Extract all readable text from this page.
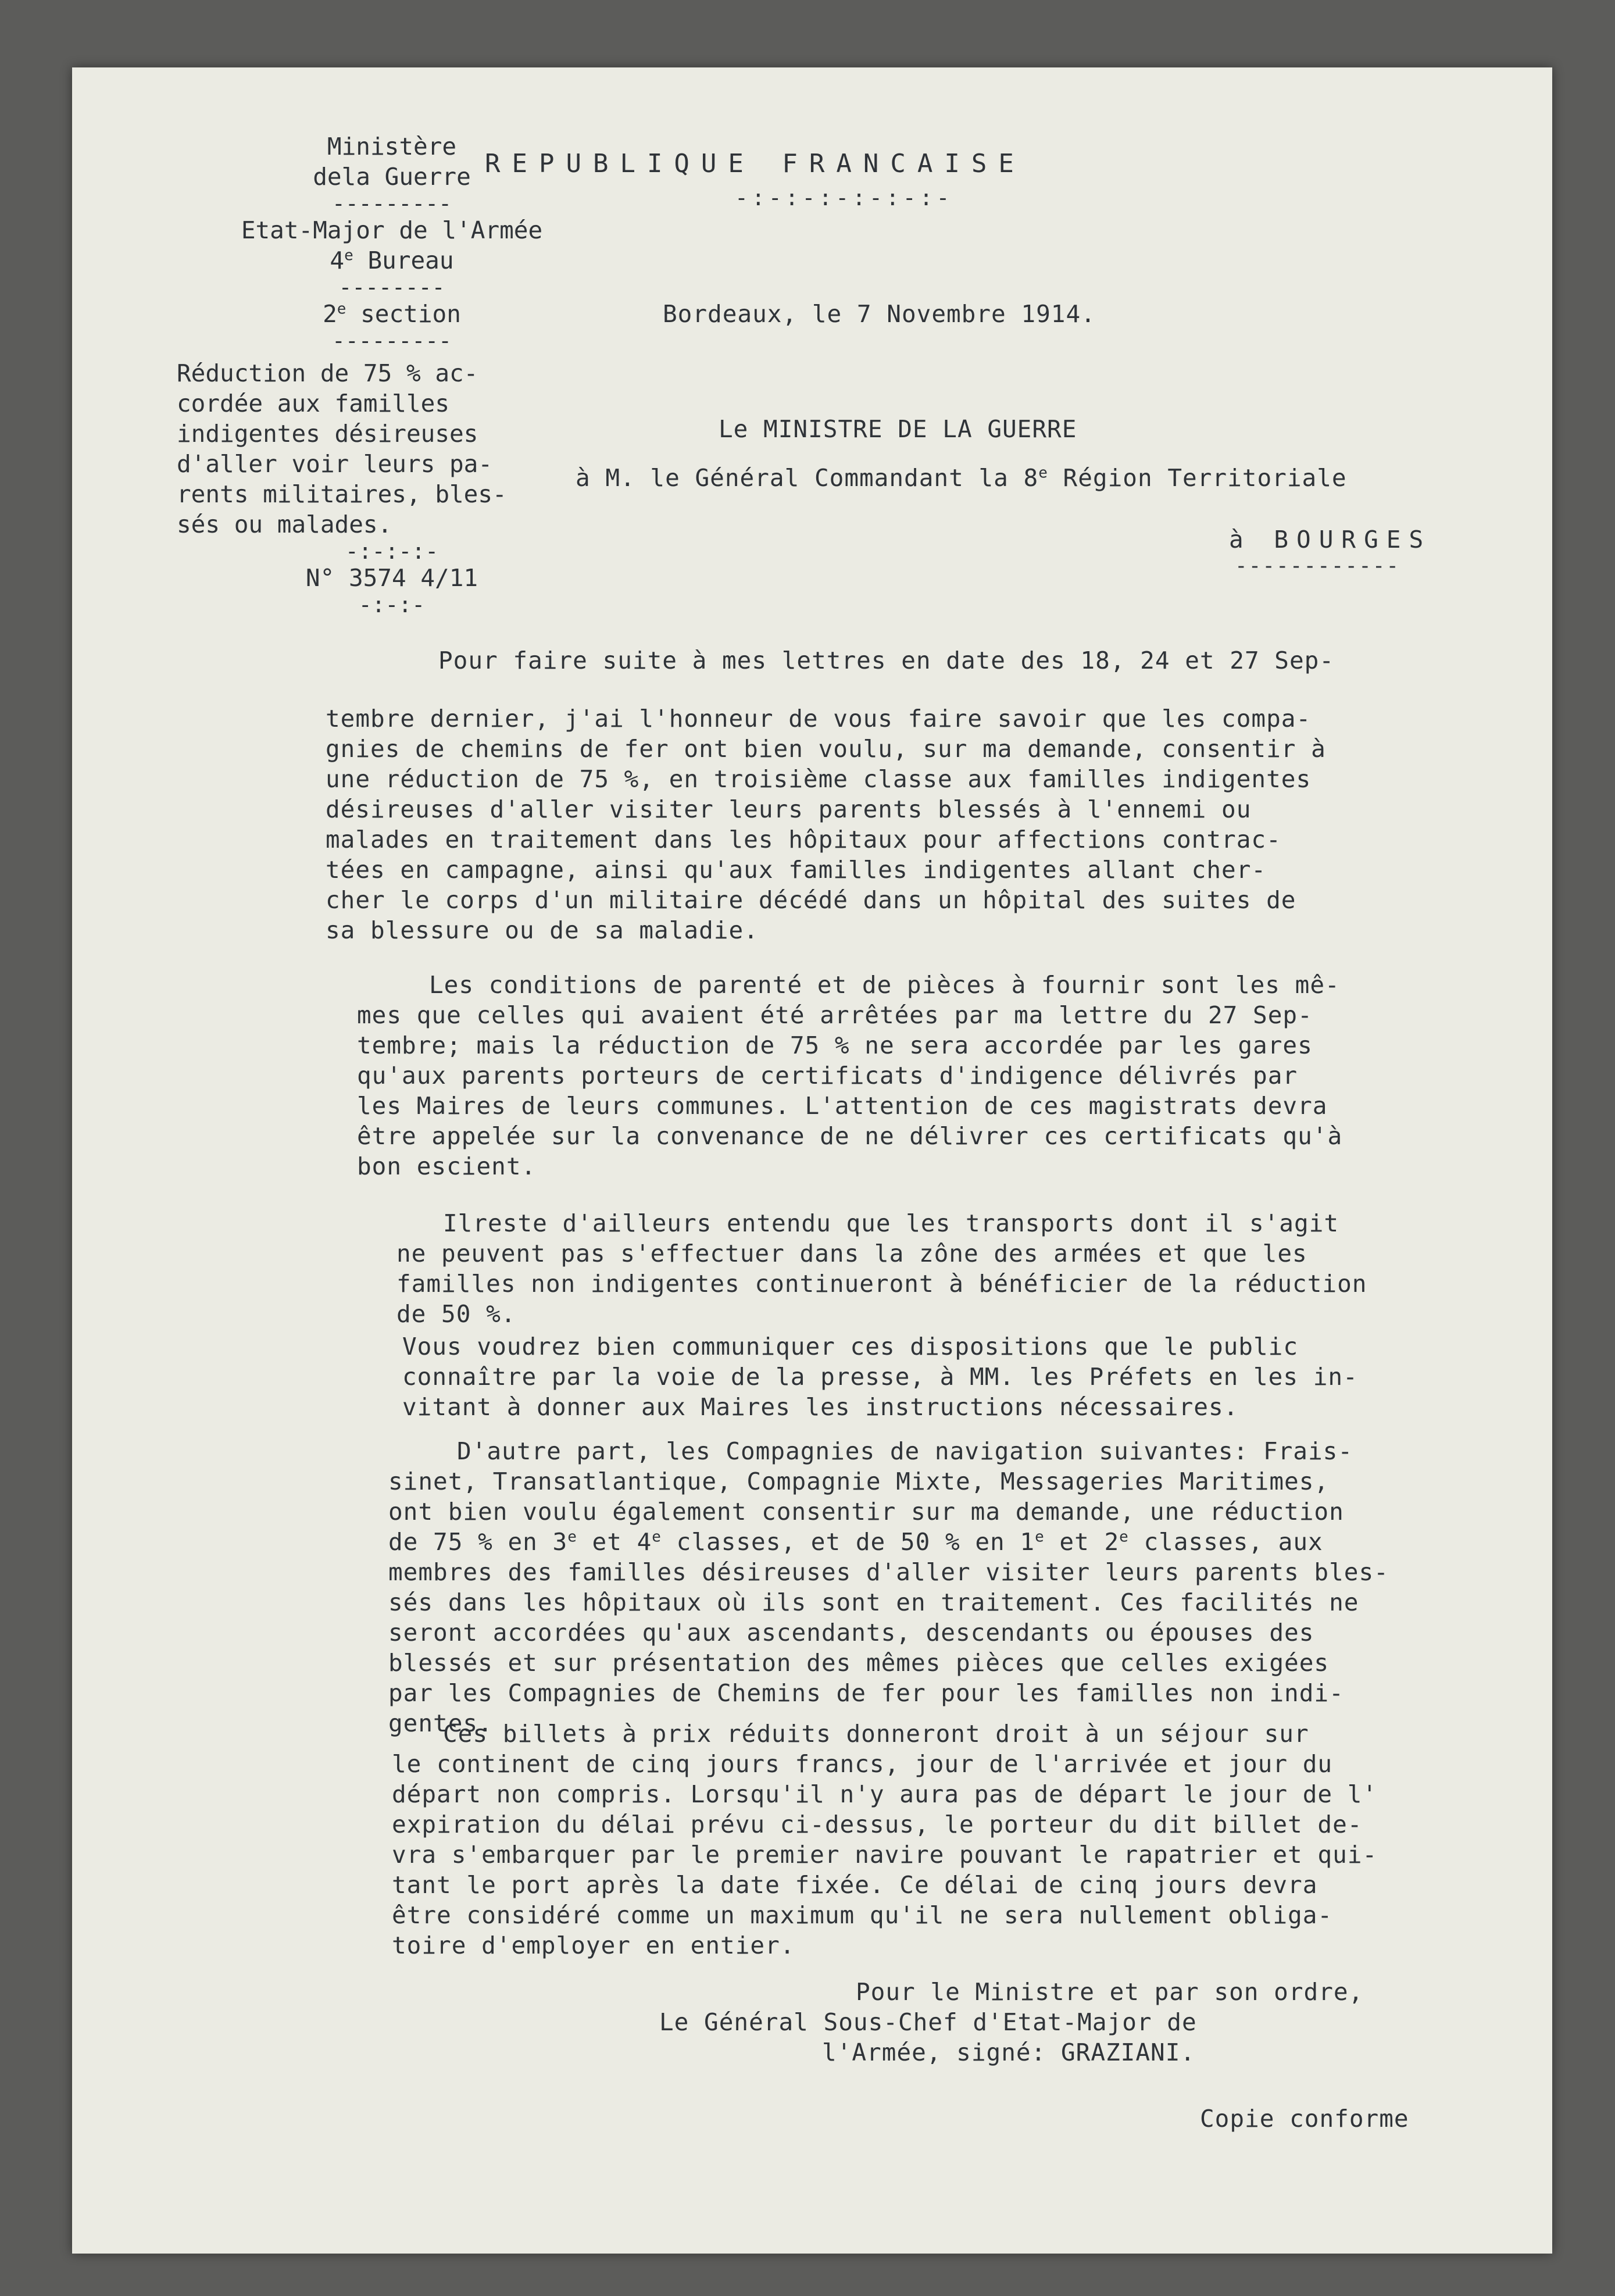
Ministère
dela Guerre
---------
Etat-Major de l'Armée
4e Bureau
--------
2e section
---------
Réduction de 75 % ac-
cordée aux familles
indigentes désireuses
d'aller voir leurs pa-
rents militaires, bles-
sés ou malades.
-:-:-:-
N° 3574 4/11
-:-:-
REPUBLIQUE FRANCAISE
-:-:-:-:-:-:-
Bordeaux, le 7 Novembre 1914.
Le MINISTRE DE LA GUERRE
à M. le Général Commandant la 8e Région Territoriale
à BOURGES
------------
Pour faire suite à mes lettres en date des 18, 24 et 27 Sep-
tembre dernier, j'ai l'honneur de vous faire savoir que les compa-
gnies de chemins de fer ont bien voulu, sur ma demande, consentir à
une réduction de 75 %, en troisième classe aux familles indigentes
désireuses d'aller visiter leurs parents blessés à l'ennemi ou
malades en traitement dans les hôpitaux pour affections contrac-
tées en campagne, ainsi qu'aux familles indigentes allant cher-
cher le corps d'un militaire décédé dans un hôpital des suites de
sa blessure ou de sa maladie.
Les conditions de parenté et de pièces à fournir sont les mê-
mes que celles qui avaient été arrêtées par ma lettre du 27 Sep-
tembre; mais la réduction de 75 % ne sera accordée par les gares
qu'aux parents porteurs de certificats d'indigence délivrés par
les Maires de leurs communes. L'attention de ces magistrats devra
être appelée sur la convenance de ne délivrer ces certificats qu'à
bon escient.
Ilreste d'ailleurs entendu que les transports dont il s'agit
ne peuvent pas s'effectuer dans la zône des armées et que les
familles non indigentes continueront à bénéficier de la réduction
de 50 %.
Vous voudrez bien communiquer ces dispositions que le public
connaître par la voie de la presse, à MM. les Préfets en les in-
vitant à donner aux Maires les instructions nécessaires.
D'autre part, les Compagnies de navigation suivantes: Frais-
sinet, Transatlantique, Compagnie Mixte, Messageries Maritimes,
ont bien voulu également consentir sur ma demande, une réduction
de 75 % en 3e et 4e classes, et de 50 % en 1e et 2e classes, aux
membres des familles désireuses d'aller visiter leurs parents bles-
sés dans les hôpitaux où ils sont en traitement. Ces facilités ne
seront accordées qu'aux ascendants, descendants ou épouses des
blessés et sur présentation des mêmes pièces que celles exigées
par les Compagnies de Chemins de fer pour les familles non indi-
gentes.
Ces billets à prix réduits donneront droit à un séjour sur
le continent de cinq jours francs, jour de l'arrivée et jour du
départ non compris. Lorsqu'il n'y aura pas de départ le jour de l'
expiration du délai prévu ci-dessus, le porteur du dit billet de-
vra s'embarquer par le premier navire pouvant le rapatrier et qui-
tant le port après la date fixée. Ce délai de cinq jours devra
être considéré comme un maximum qu'il ne sera nullement obliga-
toire d'employer en entier.
Pour le Ministre et par son ordre,
Le Général Sous-Chef d'Etat-Major de
l'Armée, signé: GRAZIANI.
Copie conforme
